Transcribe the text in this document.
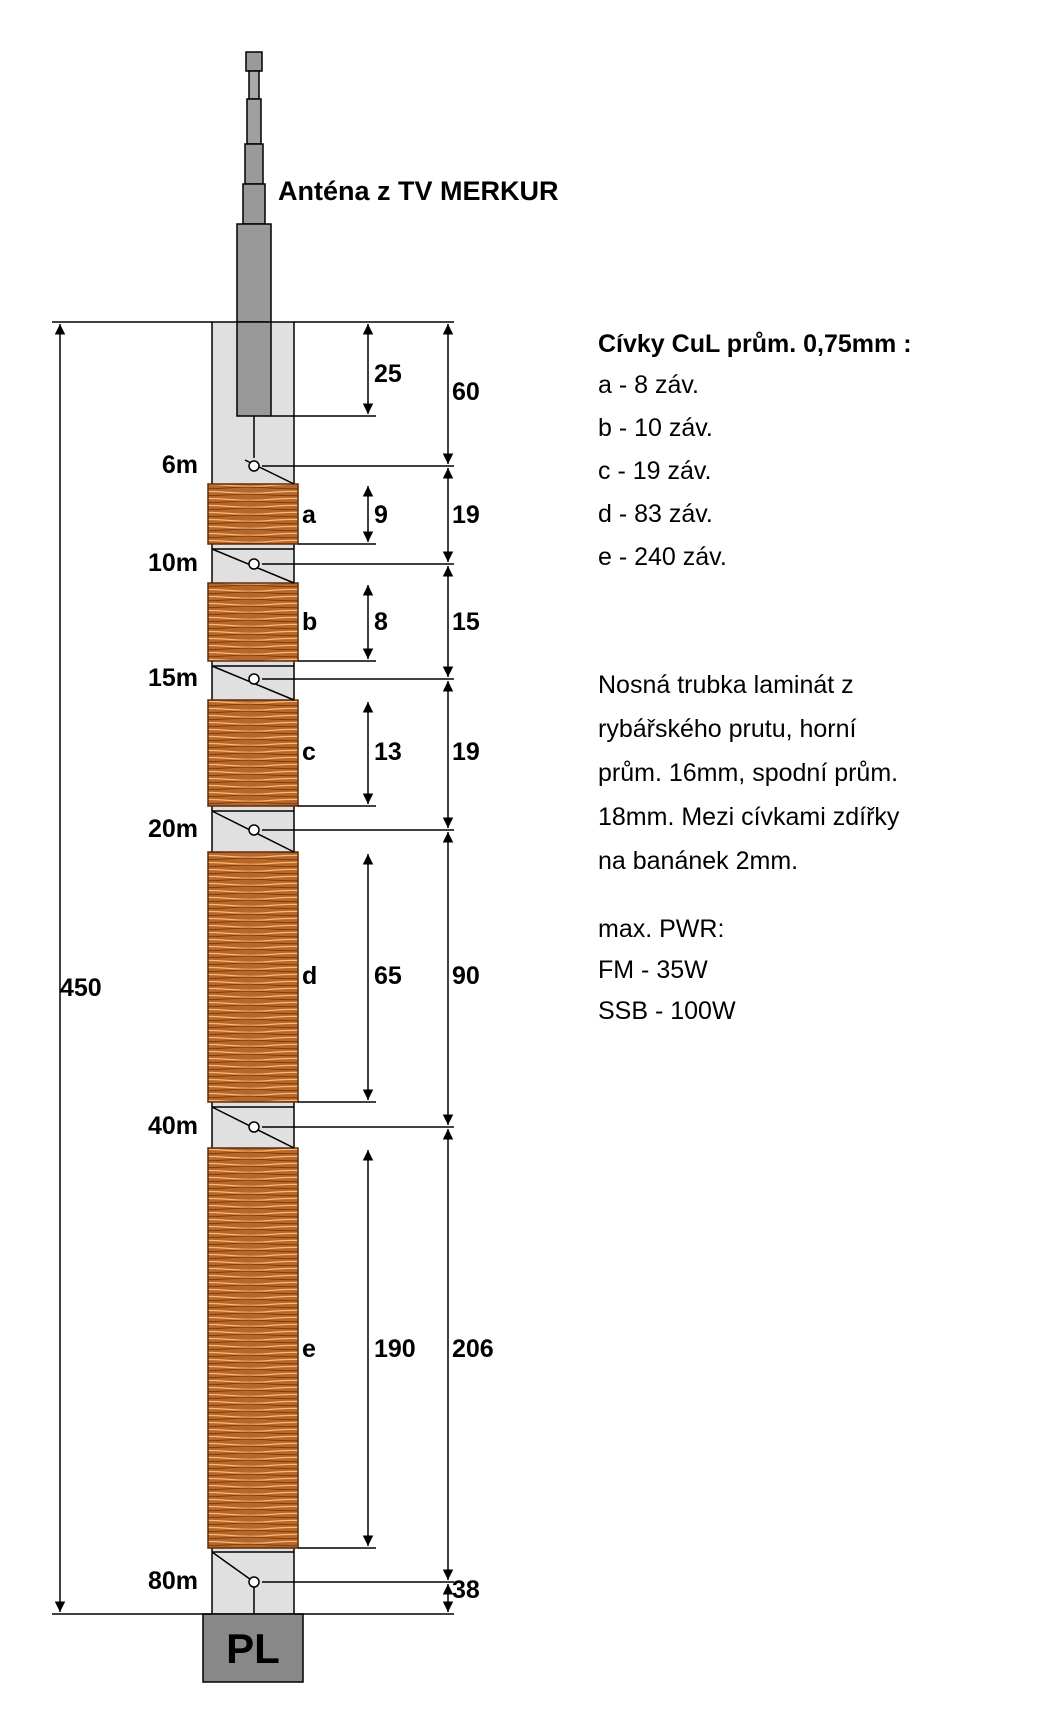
Anténa z TV MERKUR
PL
6m
10m
15m
20m
40m
80m
a
b
c
d
e
450
25
9
8
13
65
190
60
19
15
19
90
206
38
Cívky CuL prům. 0,75mm :
a - 8 záv.
b - 10 záv.
c - 19 záv.
d - 83 záv.
e - 240 záv.
Nosná trubka laminát z
rybářského prutu, horní
prům. 16mm, spodní prům.
18mm. Mezi cívkami zdířky
na banánek 2mm.
max. PWR:
FM - 35W
SSB - 100W
